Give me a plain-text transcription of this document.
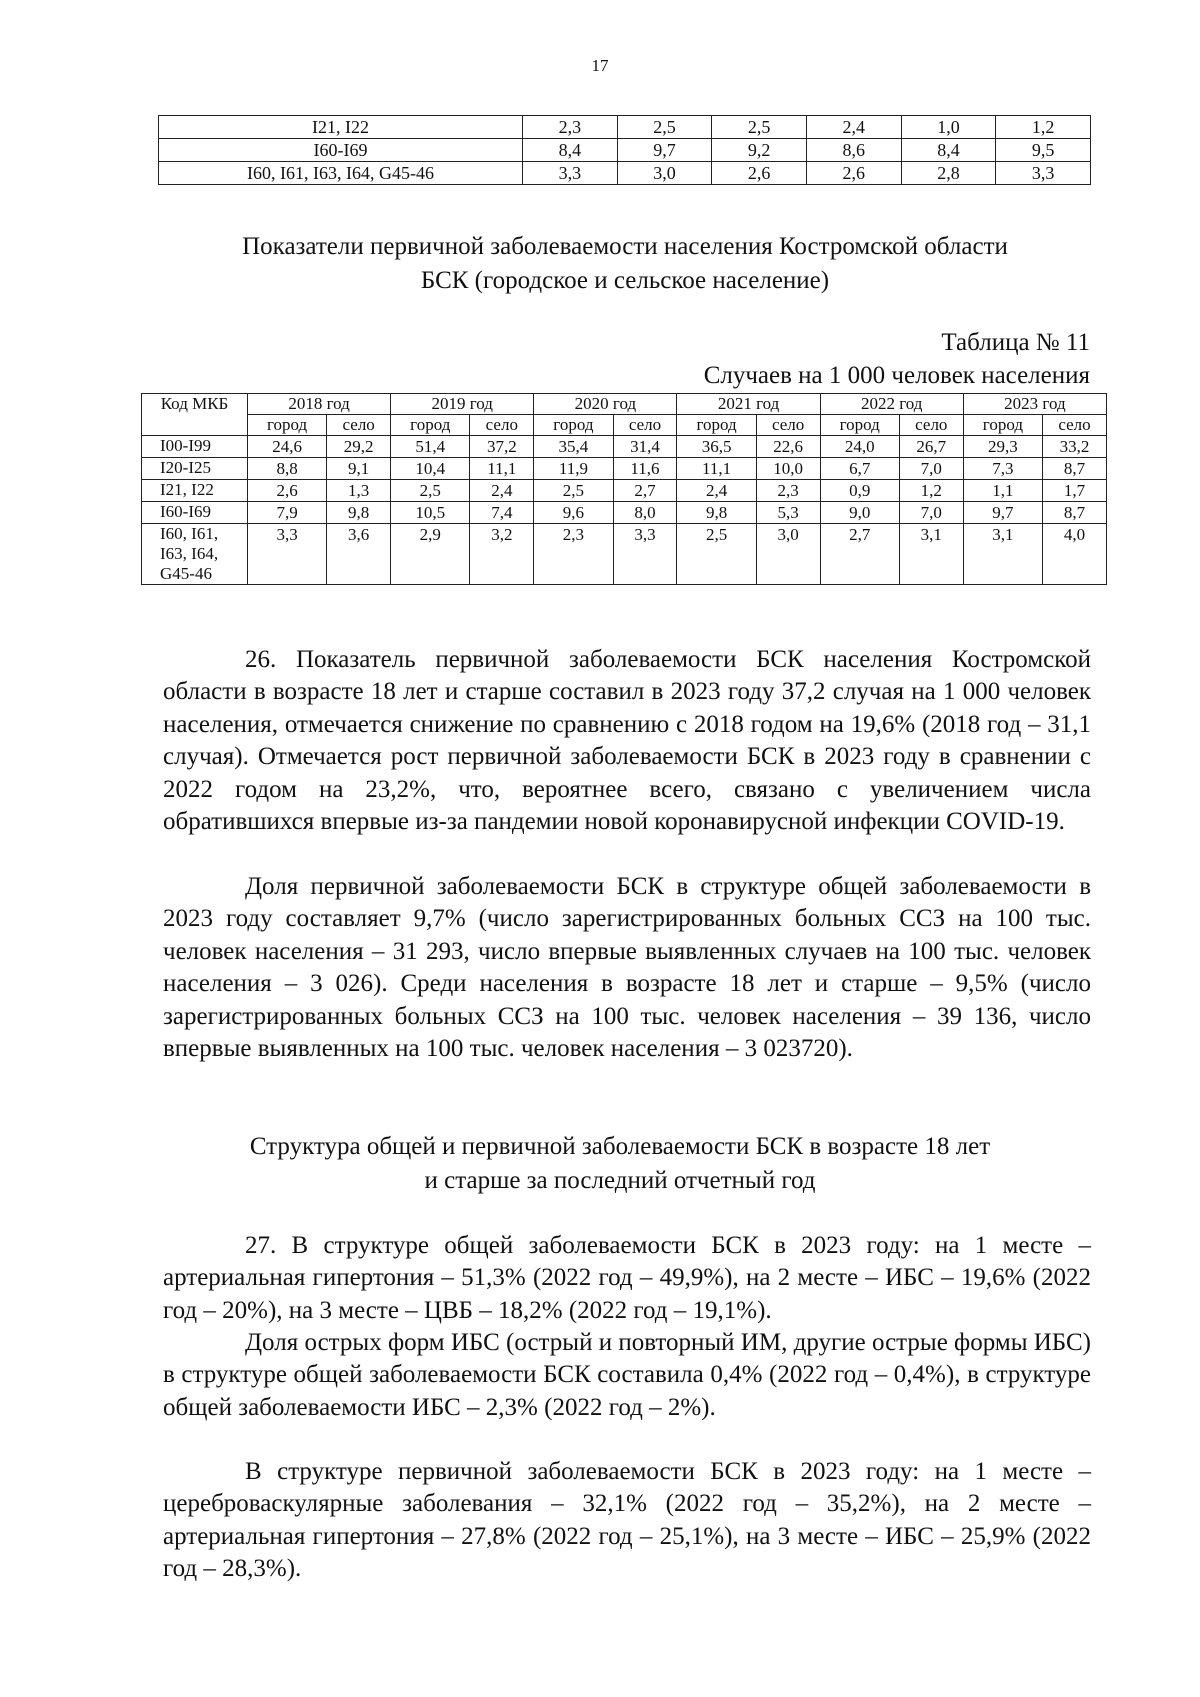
17
I21, I22	2,3	2,5	2,5	2,4	1,0	1,2
I60-I69	8,4	9,7	9,2	8,6	8,4	9,5
I60, I61, I63, I64, G45-46	3,3	3,0	2,6	2,6	2,8	3,3
Показатели первичной заболеваемости населения Костромской области
БСК (городское и сельское население)
Таблица № 11
Случаев на 1 000 человек населения
Код МКБ	2018 год		2019 год		2020 год		2021 год		2022 год		2023 год	
	город	село	город	село	город	село	город	село	город	село	город	село
I00-I99	24,6	29,2	51,4	37,2	35,4	31,4	36,5	22,6	24,0	26,7	29,3	33,2
I20-I25	8,8	9,1	10,4	11,1	11,9	11,6	11,1	10,0	6,7	7,0	7,3	8,7
I21, I22	2,6	1,3	2,5	2,4	2,5	2,7	2,4	2,3	0,9	1,2	1,1	1,7
I60-I69	7,9	9,8	10,5	7,4	9,6	8,0	9,8	5,3	9,0	7,0	9,7	8,7

I60, I61,
I63, I64,
G45-46	3,3	3,6	2,9	3,2	2,3	3,3	2,5	3,0	2,7	3,1	3,1	4,0

26. Показатель первичной заболеваемости БСК населения Костромской области в возрасте 18 лет и старше составил в 2023 году 37,2 случая на 1 000 человек населения, отмечается снижение по сравнению с 2018 годом на 19,6% (2018 год – 31,1 случая). Отмечается рост первичной заболеваемости БСК в 2023 году в сравнении с 2022 годом на 23,2%, что, вероятнее всего, связано с увеличением числа обратившихся впервые из-за пандемии новой коронавирусной инфекции COVID-19.

Доля первичной заболеваемости БСК в структуре общей заболеваемости в 2023 году составляет 9,7% (число зарегистрированных больных ССЗ на 100 тыс. человек населения – 31 293, число впервые выявленных случаев на 100 тыс. человек населения – 3 026). Среди населения в возрасте 18 лет и старше – 9,5% (число зарегистрированных больных ССЗ на 100 тыс. человек населения – 39 136, число впервые выявленных на 100 тыс. человек населения – 3 023720).

Структура общей и первичной заболеваемости БСК в возрасте 18 лет
и старше за последний отчетный год

27. В структуре общей заболеваемости БСК в 2023 году: на 1 месте – артериальная гипертония – 51,3% (2022 год – 49,9%), на 2 месте – ИБС – 19,6% (2022 год – 20%), на 3 месте – ЦВБ – 18,2% (2022 год – 19,1%).

Доля острых форм ИБС (острый и повторный ИМ, другие острые формы ИБС) в структуре общей заболеваемости БСК составила 0,4% (2022 год – 0,4%), в структуре общей заболеваемости ИБС – 2,3% (2022 год – 2%).

В структуре первичной заболеваемости БСК в 2023 году: на 1 месте – цереброваскулярные заболевания – 32,1% (2022 год – 35,2%), на 2 месте – артериальная гипертония – 27,8% (2022 год – 25,1%), на 3 месте – ИБС – 25,9% (2022 год – 28,3%).
